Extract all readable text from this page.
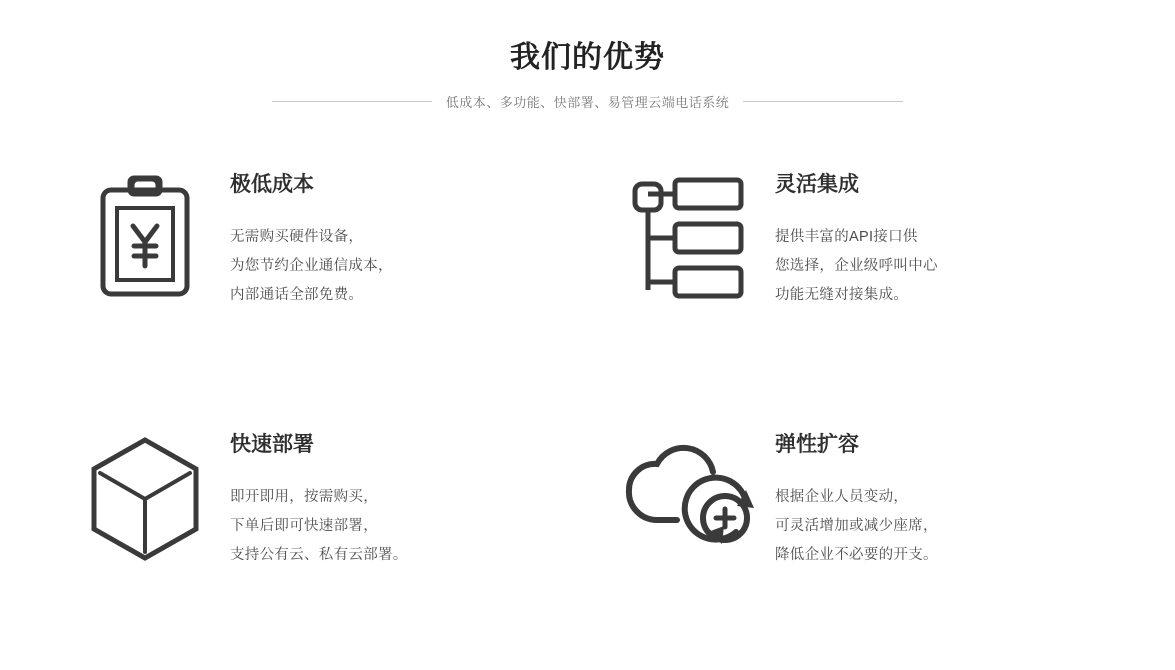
我们的优势
低成本、多功能、快部署、易管理云端电话系统
极低成本
无需购买硬件设备，
为您节约企业通信成本，
内部通话全部免费。
灵活集成
提供丰富的API接口供
您选择，企业级呼叫中心
功能无缝对接集成。
快速部署
即开即用，按需购买，
下单后即可快速部署，
支持公有云、私有云部署。
弹性扩容
根据企业人员变动，
可灵活增加或减少座席，
降低企业不必要的开支。
